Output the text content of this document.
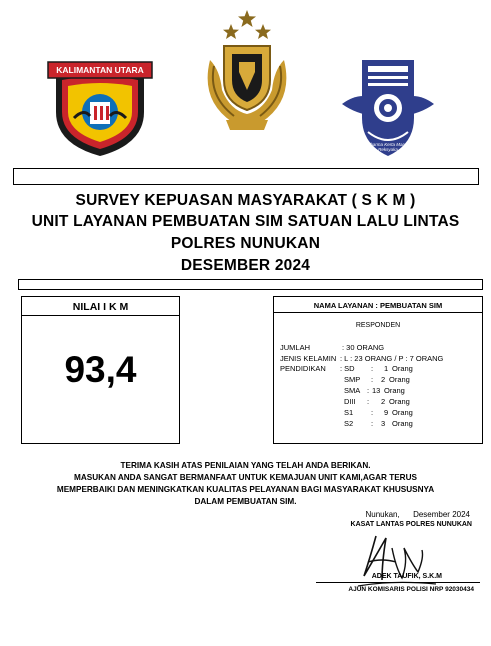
KALIMANTAN UTARA
Dharma Kerta Marga Reksyaka
SURVEY KEPUASAN MASYARAKAT ( S K M )
UNIT LAYANAN PEMBUATAN SIM SATUAN LALU LINTAS
POLRES NUNUKAN
DESEMBER 2024
NILAI I K M
93,4
NAMA LAYANAN : PEMBUATAN SIM
RESPONDEN
JUMLAH	: 30 ORANG
JENIS KELAMIN : L : 23 ORANG / P : 7 ORANG
PENDIDIKAN : SD : 1 Orang
SMP : 2 Orang
SMA : 13 Orang
DIII : 2 Orang
S1 : 9 Orang
S2 : 3 Orang
TERIMA KASIH ATAS PENILAIAN YANG TELAH ANDA BERIKAN.
MASUKAN ANDA SANGAT BERMANFAAT UNTUK KEMAJUAN UNIT KAMI,AGAR TERUS
MEMPERBAIKI DAN MENINGKATKAN KUALITAS PELAYANAN BAGI MASYARAKAT KHUSUSNYA
DALAM PEMBUATAN SIM.
Nunukan,      Desember 2024
KASAT LANTAS POLRES NUNUKAN
ADEK TAUFIK, S.K.M
AJUN KOMISARIS POLISI NRP 92030434
